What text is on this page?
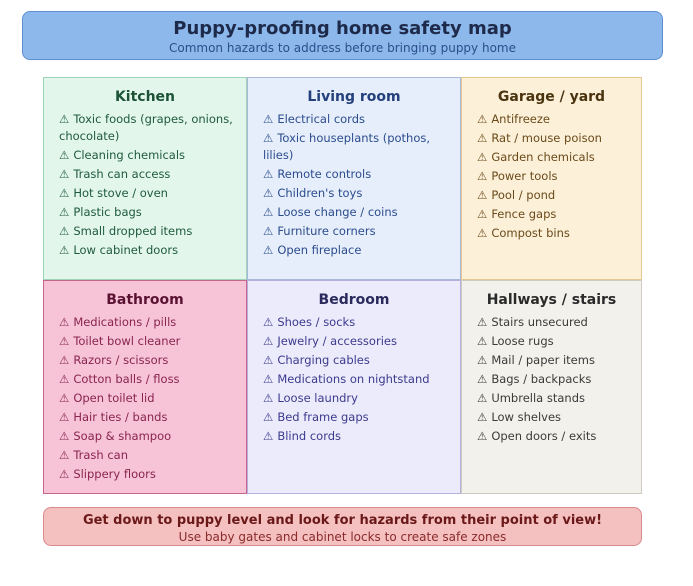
Puppy-proofing home safety map
Common hazards to address before bringing puppy home
Kitchen
⚠ Toxic foods (grapes, onions, chocolate)
⚠ Cleaning chemicals
⚠ Trash can access
⚠ Hot stove / oven
⚠ Plastic bags
⚠ Small dropped items
⚠ Low cabinet doors
Living room
⚠ Electrical cords
⚠ Toxic houseplants (pothos, lilies)
⚠ Remote controls
⚠ Children's toys
⚠ Loose change / coins
⚠ Furniture corners
⚠ Open fireplace
Garage / yard
⚠ Antifreeze
⚠ Rat / mouse poison
⚠ Garden chemicals
⚠ Power tools
⚠ Pool / pond
⚠ Fence gaps
⚠ Compost bins
Bathroom
⚠ Medications / pills
⚠ Toilet bowl cleaner
⚠ Razors / scissors
⚠ Cotton balls / floss
⚠ Open toilet lid
⚠ Hair ties / bands
⚠ Soap & shampoo
⚠ Trash can
⚠ Slippery floors
Bedroom
⚠ Shoes / socks
⚠ Jewelry / accessories
⚠ Charging cables
⚠ Medications on nightstand
⚠ Loose laundry
⚠ Bed frame gaps
⚠ Blind cords
Hallways / stairs
⚠ Stairs unsecured
⚠ Loose rugs
⚠ Mail / paper items
⚠ Bags / backpacks
⚠ Umbrella stands
⚠ Low shelves
⚠ Open doors / exits
Get down to puppy level and look for hazards from their point of view!
Use baby gates and cabinet locks to create safe zones
